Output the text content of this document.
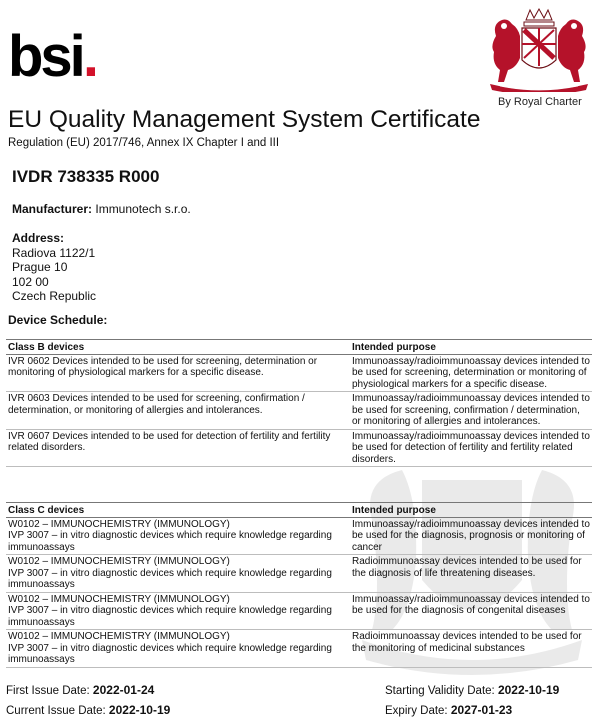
bsi.
By Royal Charter
EU Quality Management System Certificate
Regulation (EU) 2017/746, Annex IX Chapter I and III
IVDR 738335 R000
Manufacturer: Immunotech s.r.o.
Address:
Radiova 1122/1
Prague 10
102 00
Czech Republic
Device Schedule:
Class B devices	Intended purpose
IVR 0602 Devices intended to be used for screening, determination or monitoring of physiological markers for a specific disease.	Immunoassay/radioimmunoassay devices intended to be used for screening, determination or monitoring of physiological markers for a specific disease.
IVR 0603 Devices intended to be used for screening, confirmation / determination, or monitoring of allergies and intolerances.	Immunoassay/radioimmunoassay devices intended to be used for screening, confirmation / determination, or monitoring of allergies and intolerances.
IVR 0607 Devices intended to be used for detection of fertility and fertility related disorders.	Immunoassay/radioimmunoassay devices intended to be used for detection of fertility and fertility related disorders.
Class C devices	Intended purpose

W0102 – IMMUNOCHEMISTRY (IMMUNOLOGY)
IVP 3007 – in vitro diagnostic devices which require knowledge regarding immunoassays	Immunoassay/radioimmunoassay devices intended to be used for the diagnosis, prognosis or monitoring of cancer

W0102 – IMMUNOCHEMISTRY (IMMUNOLOGY)
IVP 3007 – in vitro diagnostic devices which require knowledge regarding immunoassays	Radioimmunoassay devices intended to be used for the diagnosis of life threatening diseases.

W0102 – IMMUNOCHEMISTRY (IMMUNOLOGY)
IVP 3007 – in vitro diagnostic devices which require knowledge regarding immunoassays	Immunoassay/radioimmunoassay devices intended to be used for the diagnosis of congenital diseases

W0102 – IMMUNOCHEMISTRY (IMMUNOLOGY)
IVP 3007 – in vitro diagnostic devices which require knowledge regarding immunoassays	Radioimmunoassay devices intended to be used for the monitoring of medicinal substances
First Issue Date: 2022-01-24
Current Issue Date: 2022-10-19
Starting Validity Date: 2022-10-19
Expiry Date: 2027-01-23
